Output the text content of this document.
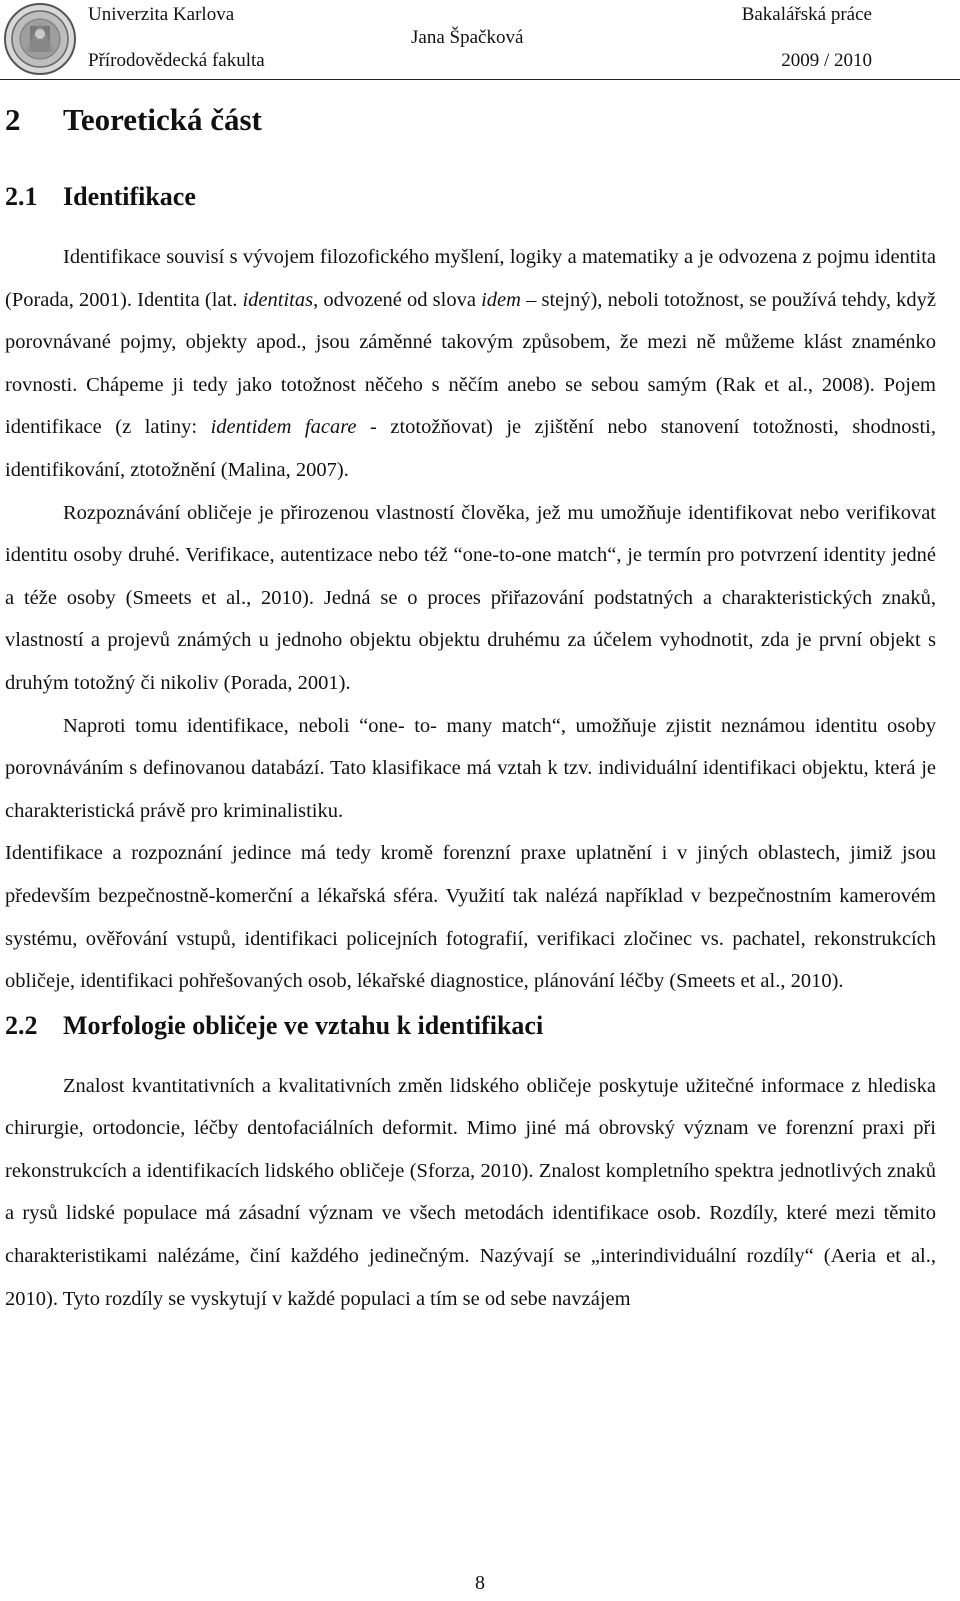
Univerzita Karlova
Přírodovědecká fakulta
Jana Špačková
Bakalářská práce
2009 / 2010
2 Teoretická část
2.1 Identifikace

Identifikace souvisí s vývojem filozofického myšlení, logiky a matematiky a je odvozena z pojmu identita (Porada, 2001). Identita (lat. identitas, odvozené od slova idem – stejný), neboli totožnost, se používá tehdy, když porovnávané pojmy, objekty apod., jsou záměnné takovým způsobem, že mezi ně můžeme klást znaménko rovnosti. Chápeme ji tedy jako totožnost něčeho s něčím anebo se sebou samým (Rak et al., 2008). Pojem identifikace (z latiny: identidem facare - ztotožňovat) je zjištění nebo stanovení totožnosti, shodnosti, identifikování, ztotožnění (Malina, 2007).

Rozpoznávání obličeje je přirozenou vlastností člověka, jež mu umožňuje identifikovat nebo verifikovat identitu osoby druhé. Verifikace, autentizace nebo též “one-to-one match“, je termín pro potvrzení identity jedné a téže osoby (Smeets et al., 2010). Jedná se o proces přiřazování podstatných a charakteristických znaků, vlastností a projevů známých u jednoho objektu objektu druhému za účelem vyhodnotit, zda je první objekt s druhým totožný či nikoliv (Porada, 2001).

Naproti tomu identifikace, neboli “one- to- many match“, umožňuje zjistit neznámou identitu osoby porovnáváním s definovanou databází. Tato klasifikace má vztah k tzv. individuální identifikaci objektu, která je charakteristická právě pro kriminalistiku.

Identifikace a rozpoznání jedince má tedy kromě forenzní praxe uplatnění i v jiných oblastech, jimiž jsou především bezpečnostně-komerční a lékařská sféra. Využití tak nalézá například v bezpečnostním kamerovém systému, ověřování vstupů, identifikaci policejních fotografií, verifikaci zločinec vs. pachatel, rekonstrukcích obličeje, identifikaci pohřešovaných osob, lékařské diagnostice, plánování léčby (Smeets et al., 2010).

2.2 Morfologie obličeje ve vztahu k identifikaci

Znalost kvantitativních a kvalitativních změn lidského obličeje poskytuje užitečné informace z hlediska chirurgie, ortodoncie, léčby dentofaciálních deformit. Mimo jiné má obrovský význam ve forenzní praxi při rekonstrukcích a identifikacích lidského obličeje (Sforza, 2010). Znalost kompletního spektra jednotlivých znaků a rysů lidské populace má zásadní význam ve všech metodách identifikace osob. Rozdíly, které mezi těmito charakteristikami nalézáme, činí každého jedinečným. Nazývají se „interindividuální rozdíly“ (Aeria et al., 2010). Tyto rozdíly se vyskytují v každé populaci a tím se od sebe navzájem

8
